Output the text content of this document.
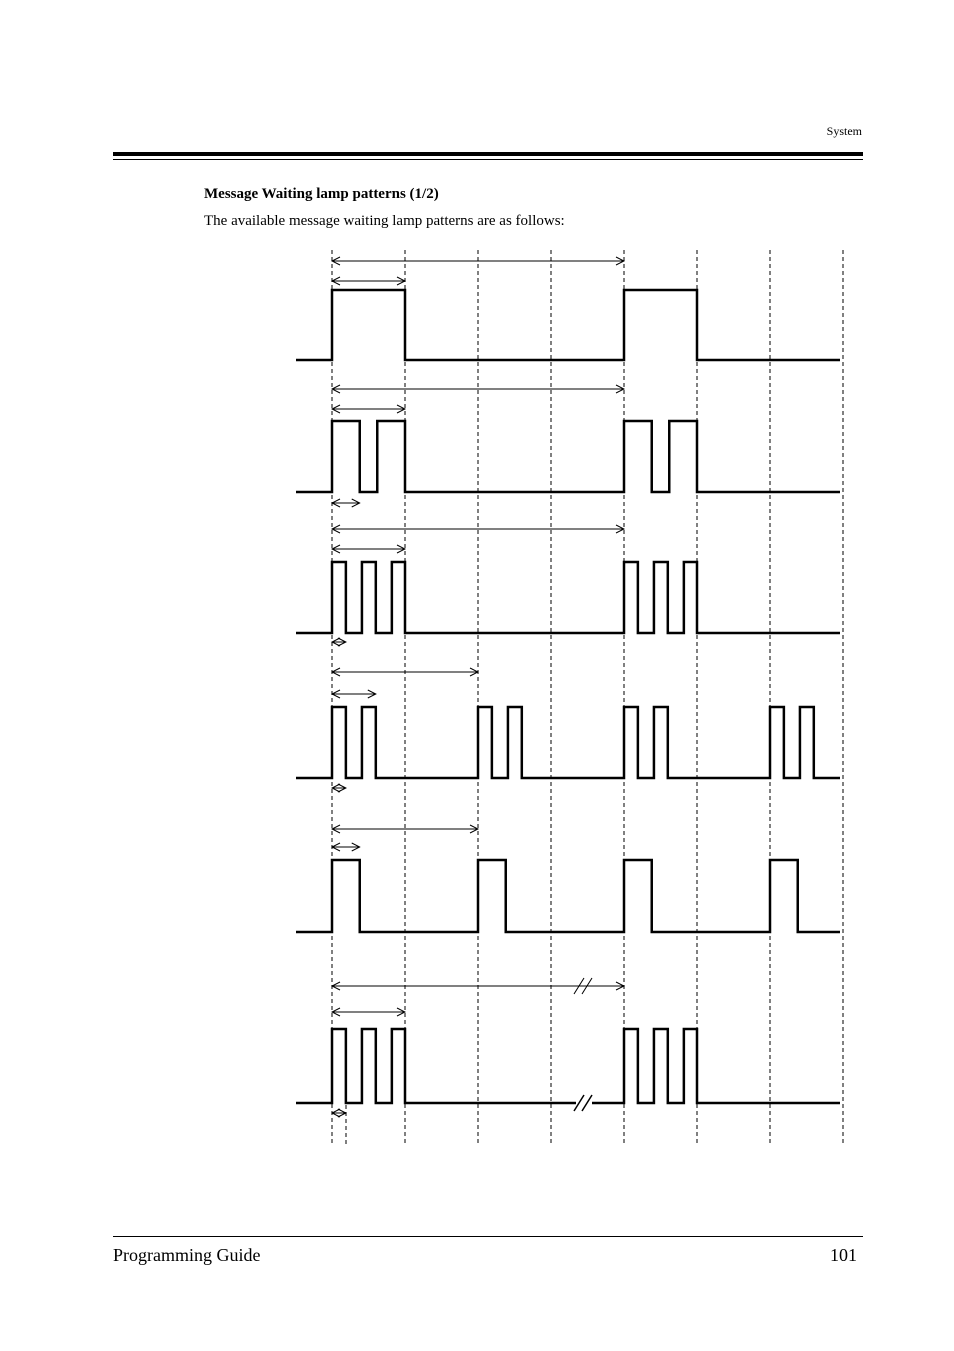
System
Message Waiting lamp patterns (1/2)
The available message waiting lamp patterns are as follows:
Programming Guide	101
